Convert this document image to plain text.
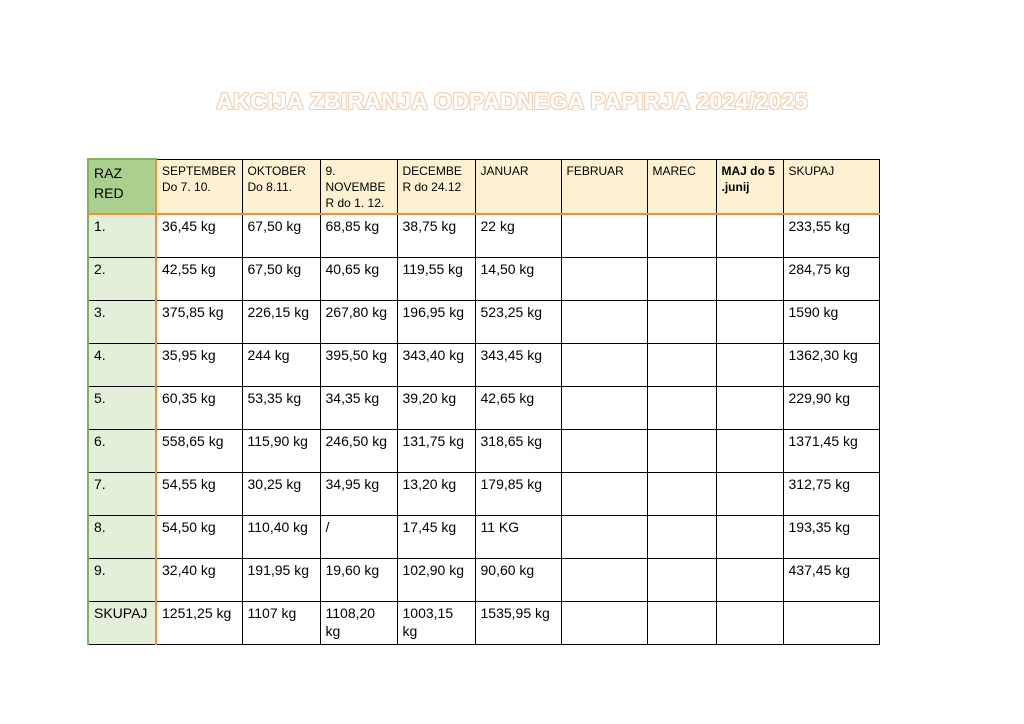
AKCIJA ZBIRANJA ODPADNEGA PAPIRJA 2024/2025
RAZ RED	SEPTEMBER Do 7. 10.	OKTOBER Do 8.11.	9. NOVEMBER do 1. 12.	DECEMBER do 24.12	JANUAR	FEBRUAR	MAREC	MAJ do 5 .junij	SKUPAJ
1.	36,45 kg	67,50 kg	68,85 kg	38,75 kg	22 kg				233,55 kg
2.	42,55 kg	67,50 kg	40,65 kg	119,55 kg	14,50 kg				284,75 kg
3.	375,85 kg	226,15 kg	267,80 kg	196,95 kg	523,25 kg				1590 kg
4.	35,95 kg	244 kg	395,50 kg	343,40 kg	343,45 kg				1362,30 kg
5.	60,35 kg	53,35 kg	34,35 kg	39,20 kg	42,65 kg				229,90 kg
6.	558,65 kg	115,90 kg	246,50 kg	131,75 kg	318,65 kg				1371,45 kg
7.	54,55 kg	30,25 kg	34,95 kg	13,20 kg	179,85 kg				312,75 kg
8.	54,50 kg	110,40 kg	/	17,45 kg	11 KG				193,35 kg
9.	32,40 kg	191,95 kg	19,60 kg	102,90 kg	90,60 kg				437,45 kg
SKUPAJ	1251,25 kg	1107 kg	1108,20 kg	1003,15 kg	1535,95 kg				
